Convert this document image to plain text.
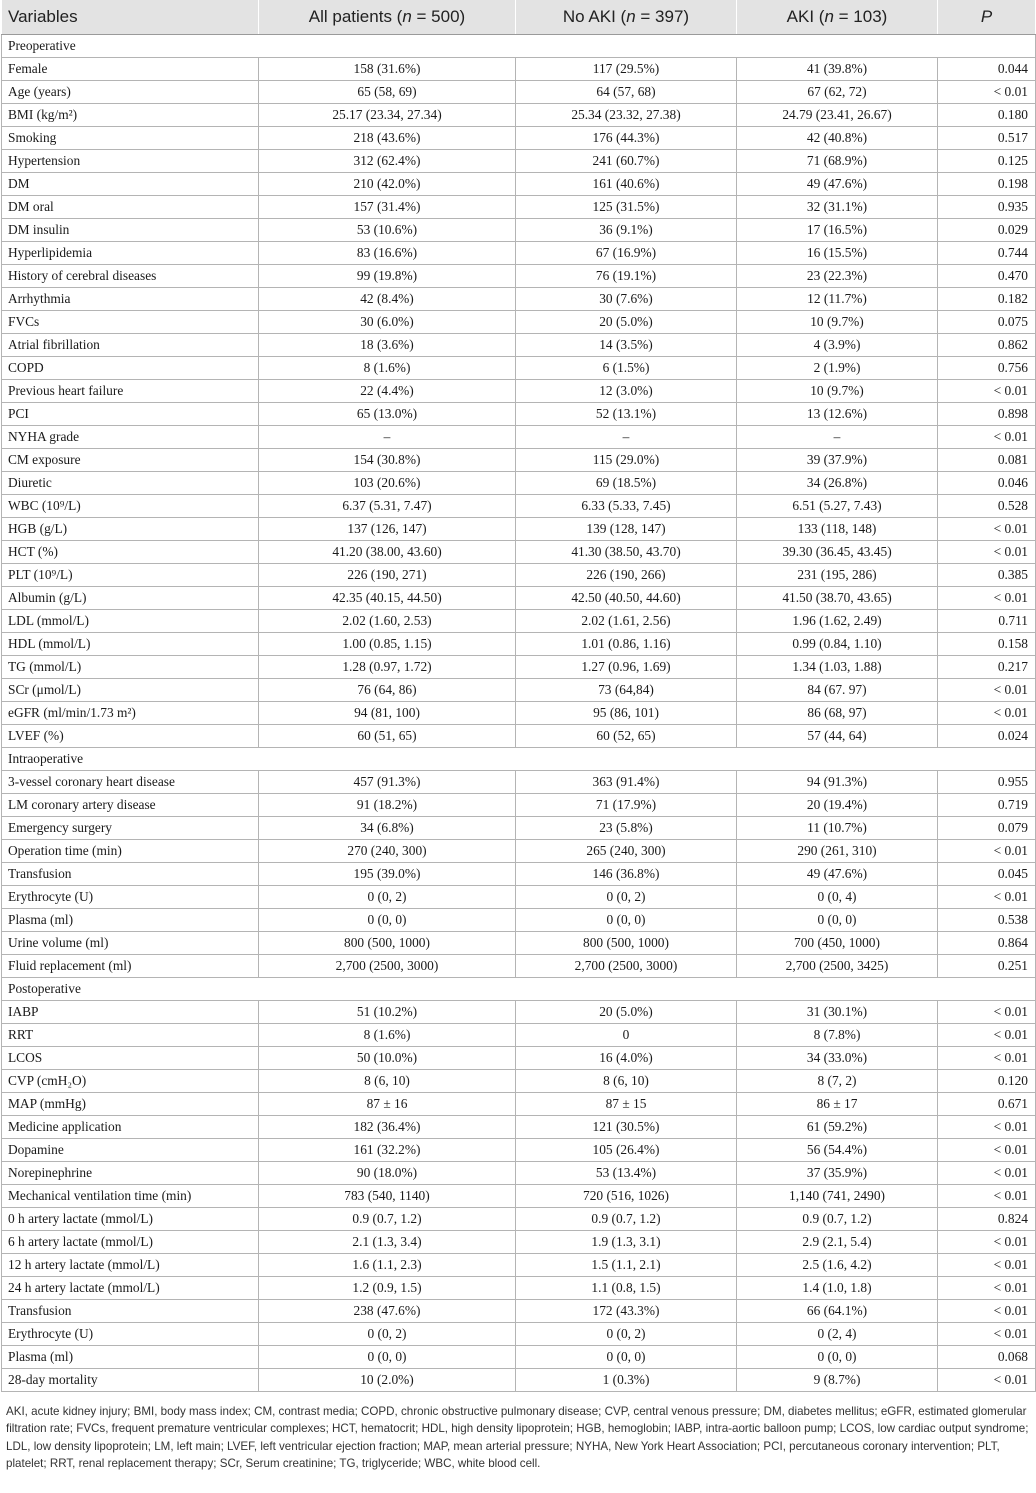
Variables	All patients (n = 500)	No AKI (n = 397)	AKI (n = 103)	P
Preoperative				
Female	158 (31.6%)	117 (29.5%)	41 (39.8%)	0.044
Age (years)	65 (58, 69)	64 (57, 68)	67 (62, 72)	< 0.01
BMI (kg/m²)	25.17 (23.34, 27.34)	25.34 (23.32, 27.38)	24.79 (23.41, 26.67)	0.180
Smoking	218 (43.6%)	176 (44.3%)	42 (40.8%)	0.517
Hypertension	312 (62.4%)	241 (60.7%)	71 (68.9%)	0.125
DM	210 (42.0%)	161 (40.6%)	49 (47.6%)	0.198
DM oral	157 (31.4%)	125 (31.5%)	32 (31.1%)	0.935
DM insulin	53 (10.6%)	36 (9.1%)	17 (16.5%)	0.029
Hyperlipidemia	83 (16.6%)	67 (16.9%)	16 (15.5%)	0.744
History of cerebral diseases	99 (19.8%)	76 (19.1%)	23 (22.3%)	0.470
Arrhythmia	42 (8.4%)	30 (7.6%)	12 (11.7%)	0.182
FVCs	30 (6.0%)	20 (5.0%)	10 (9.7%)	0.075
Atrial fibrillation	18 (3.6%)	14 (3.5%)	4 (3.9%)	0.862
COPD	8 (1.6%)	6 (1.5%)	2 (1.9%)	0.756
Previous heart failure	22 (4.4%)	12 (3.0%)	10 (9.7%)	< 0.01
PCI	65 (13.0%)	52 (13.1%)	13 (12.6%)	0.898
NYHA grade	–	–	–	< 0.01
CM exposure	154 (30.8%)	115 (29.0%)	39 (37.9%)	0.081
Diuretic	103 (20.6%)	69 (18.5%)	34 (26.8%)	0.046
WBC (10⁹/L)	6.37 (5.31, 7.47)	6.33 (5.33, 7.45)	6.51 (5.27, 7.43)	0.528
HGB (g/L)	137 (126, 147)	139 (128, 147)	133 (118, 148)	< 0.01
HCT (%)	41.20 (38.00, 43.60)	41.30 (38.50, 43.70)	39.30 (36.45, 43.45)	< 0.01
PLT (10⁹/L)	226 (190, 271)	226 (190, 266)	231 (195, 286)	0.385
Albumin (g/L)	42.35 (40.15, 44.50)	42.50 (40.50, 44.60)	41.50 (38.70, 43.65)	< 0.01
LDL (mmol/L)	2.02 (1.60, 2.53)	2.02 (1.61, 2.56)	1.96 (1.62, 2.49)	0.711
HDL (mmol/L)	1.00 (0.85, 1.15)	1.01 (0.86, 1.16)	0.99 (0.84, 1.10)	0.158
TG (mmol/L)	1.28 (0.97, 1.72)	1.27 (0.96, 1.69)	1.34 (1.03, 1.88)	0.217
SCr (μmol/L)	76 (64, 86)	73 (64,84)	84 (67. 97)	< 0.01
eGFR (ml/min/1.73 m²)	94 (81, 100)	95 (86, 101)	86 (68, 97)	< 0.01
LVEF (%)	60 (51, 65)	60 (52, 65)	57 (44, 64)	0.024
Intraoperative				
3-vessel coronary heart disease	457 (91.3%)	363 (91.4%)	94 (91.3%)	0.955
LM coronary artery disease	91 (18.2%)	71 (17.9%)	20 (19.4%)	0.719
Emergency surgery	34 (6.8%)	23 (5.8%)	11 (10.7%)	0.079
Operation time (min)	270 (240, 300)	265 (240, 300)	290 (261, 310)	< 0.01
Transfusion	195 (39.0%)	146 (36.8%)	49 (47.6%)	0.045
Erythrocyte (U)	0 (0, 2)	0 (0, 2)	0 (0, 4)	< 0.01
Plasma (ml)	0 (0, 0)	0 (0, 0)	0 (0, 0)	0.538
Urine volume (ml)	800 (500, 1000)	800 (500, 1000)	700 (450, 1000)	0.864
Fluid replacement (ml)	2,700 (2500, 3000)	2,700 (2500, 3000)	2,700 (2500, 3425)	0.251
Postoperative				
IABP	51 (10.2%)	20 (5.0%)	31 (30.1%)	< 0.01
RRT	8 (1.6%)	0	8 (7.8%)	< 0.01
LCOS	50 (10.0%)	16 (4.0%)	34 (33.0%)	< 0.01
CVP (cmH₂O)	8 (6, 10)	8 (6, 10)	8 (7, 2)	0.120
MAP (mmHg)	87 ± 16	87 ± 15	86 ± 17	0.671
Medicine application	182 (36.4%)	121 (30.5%)	61 (59.2%)	< 0.01
Dopamine	161 (32.2%)	105 (26.4%)	56 (54.4%)	< 0.01
Norepinephrine	90 (18.0%)	53 (13.4%)	37 (35.9%)	< 0.01
Mechanical ventilation time (min)	783 (540, 1140)	720 (516, 1026)	1,140 (741, 2490)	< 0.01
0 h artery lactate (mmol/L)	0.9 (0.7, 1.2)	0.9 (0.7, 1.2)	0.9 (0.7, 1.2)	0.824
6 h artery lactate (mmol/L)	2.1 (1.3, 3.4)	1.9 (1.3, 3.1)	2.9 (2.1, 5.4)	< 0.01
12 h artery lactate (mmol/L)	1.6 (1.1, 2.3)	1.5 (1.1, 2.1)	2.5 (1.6, 4.2)	< 0.01
24 h artery lactate (mmol/L)	1.2 (0.9, 1.5)	1.1 (0.8, 1.5)	1.4 (1.0, 1.8)	< 0.01
Transfusion	238 (47.6%)	172 (43.3%)	66 (64.1%)	< 0.01
Erythrocyte (U)	0 (0, 2)	0 (0, 2)	0 (2, 4)	< 0.01
Plasma (ml)	0 (0, 0)	0 (0, 0)	0 (0, 0)	0.068
28-day mortality	10 (2.0%)	1 (0.3%)	9 (8.7%)	< 0.01
AKI, acute kidney injury; BMI, body mass index; CM, contrast media; COPD, chronic obstructive pulmonary disease; CVP, central venous pressure; DM, diabetes mellitus; eGFR, estimated glomerular filtration rate; FVCs, frequent premature ventricular complexes; HCT, hematocrit; HDL, high density lipoprotein; HGB, hemoglobin; IABP, intra-aortic balloon pump; LCOS, low cardiac output syndrome; LDL, low density lipoprotein; LM, left main; LVEF, left ventricular ejection fraction; MAP, mean arterial pressure; NYHA, New York Heart Association; PCI, percutaneous coronary intervention; PLT, platelet; RRT, renal replacement therapy; SCr, Serum creatinine; TG, triglyceride; WBC, white blood cell.
